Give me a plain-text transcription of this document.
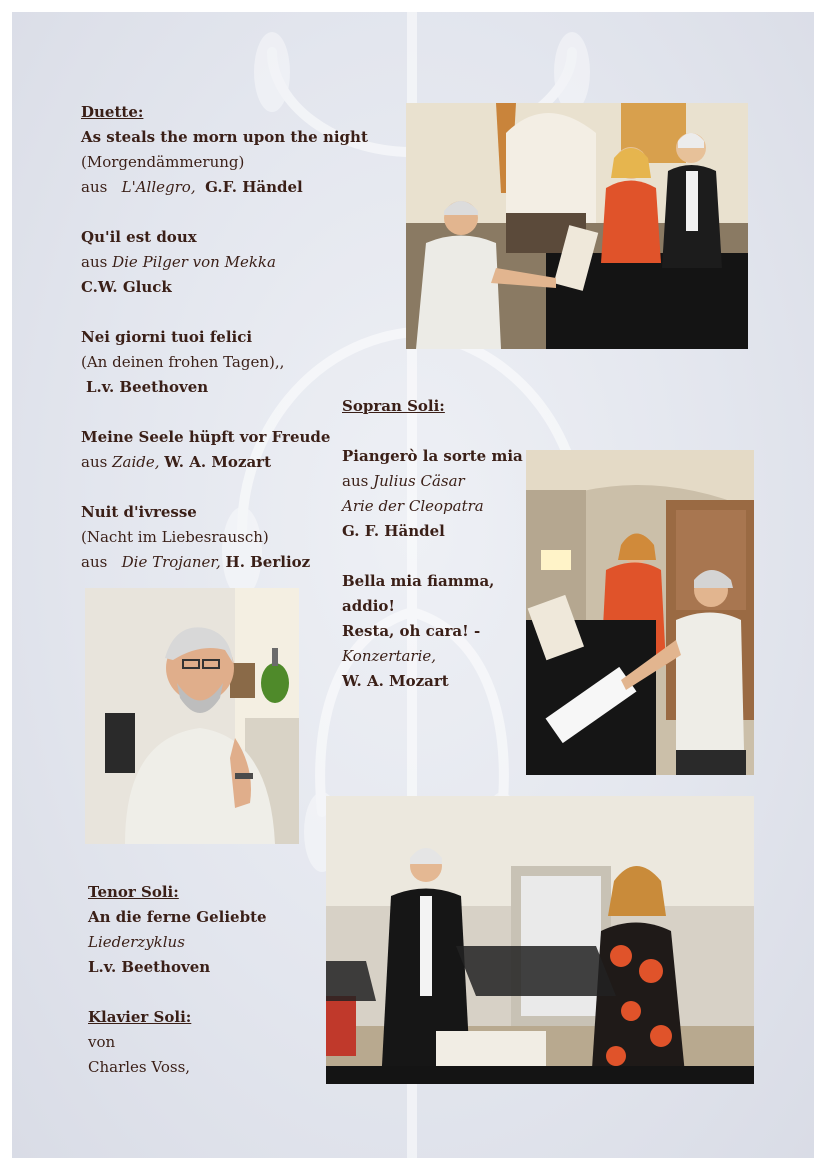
Duette:
As steals the morn upon the night
(Morgendämmerung)
aus L'Allegro, G.F. Händel

Qu'il est doux
aus Die Pilger von Mekka
C.W. Gluck

Nei giorni tuoi felici
(An deinen frohen Tagen),,
L.v. Beethoven

Meine Seele hüpft vor Freude
aus Zaide, W. A. Mozart

Nuit d'ivresse
(Nacht im Liebesrausch)
aus Die Trojaner, H. Berlioz
Sopran Soli:

Piangerò la sorte mia
aus Julius Cäsar
Arie der Cleopatra
G. F. Händel

Bella mia fiamma,
addio!
Resta, oh cara! -
Konzertarie,
W. A. Mozart
Tenor Soli:
An die ferne Geliebte
Liederzyklus
L.v. Beethoven

Klavier Soli:
von
Charles Voss,
